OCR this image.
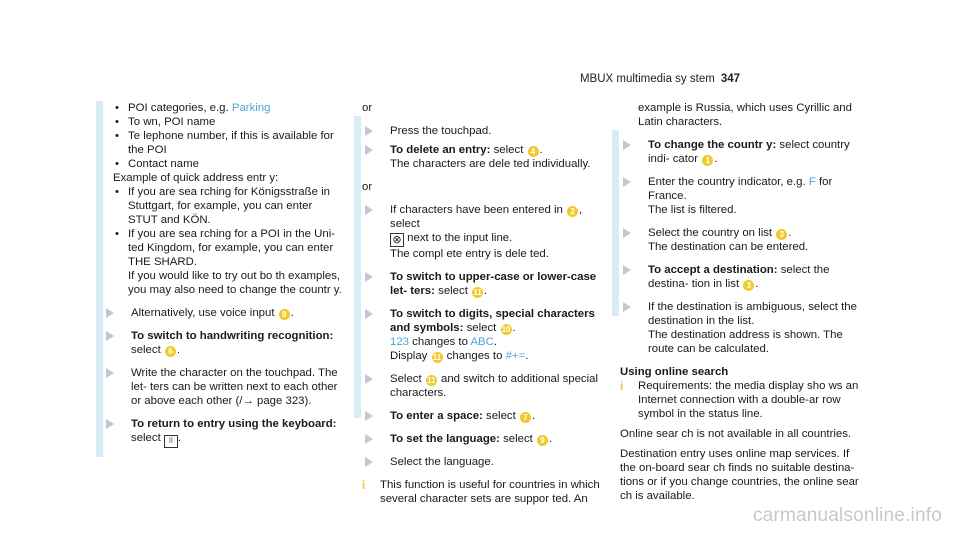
MBUX multimedia sy stem 347

• POI categories, e.g. Parking

• To wn, POI name

• Te lephone number, if this is available for the POI

• Contact name

Example of quick address entr y:

• If you are sea rching for Königsstraße in Stuttgart, for example, you can enter STUT and KÖN.

• If you are sea rching for a POI in the Uni‐ ted Kingdom, for example, you can enter THE SHARD.

If you would like to try out bo th examples, you may also need to change the countr y.

Alternatively, use voice input 8 .

To switch to handwriting recognition:
select 6 .

Write the character on the touchpad. The let‐ ters can be written next to each other or above each other (/→ page 323).

To return to entry using the keyboard:
select ⠿ .

or

Press the touchpad.

To delete an entry: select 4 .
The characters are dele ted individually.

or

If characters have been entered in 2 , select
⊗ next to the input line.
The compl ete entry is dele ted.

To switch to upper-case or lower-case let‐ ters: select 11 .

To switch to digits, special characters and symbols: select 10 .
123 changes to ABC.
Display 11 changes to #+=.

Select 11 and switch to additional special characters.

To enter a space: select 7 .

To set the language: select 9 .

Select the language.

i This function is useful for countries in which several character sets are suppor ted. An

example is Russia, which uses Cyrillic and Latin characters.

To change the countr y: select country indi‐ cator 1 .

Enter the country indicator, e.g. F for France.
The list is filtered.

Select the country on list 3 .
The destination can be entered.

To accept a destination: select the destina‐ tion in list 3 .

If the destination is ambiguous, select the destination in the list.
The destination address is shown. The route can be calculated.

Using online search

i Requirements: the media display sho ws an Internet connection with a double-ar row symbol in the status line.

Online sear ch is not available in all countries.

Destination entry uses online map services. If the on-board sear ch finds no suitable destina‐ tions or if you change countries, the online sear ch is available.

carmanualsonline.info
